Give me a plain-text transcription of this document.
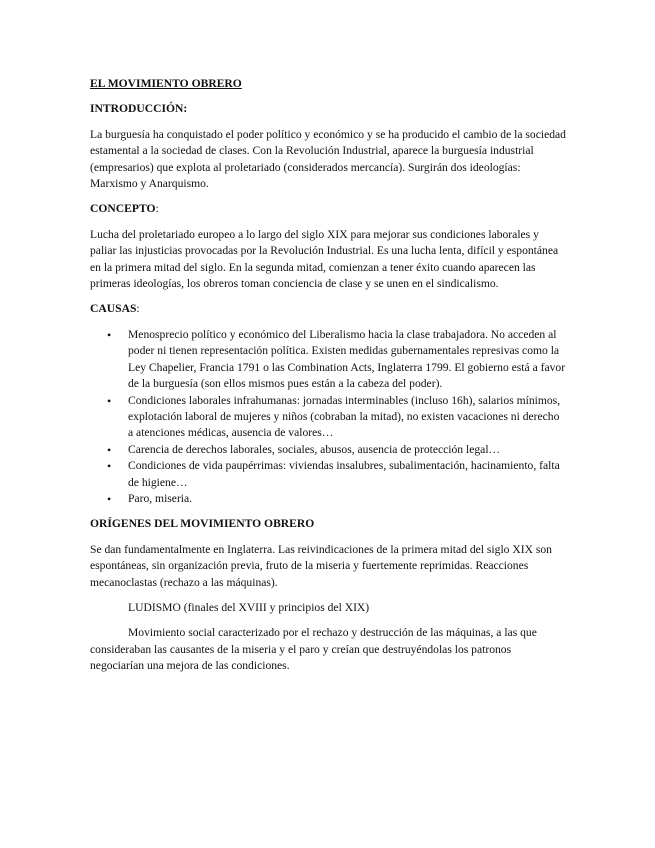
EL MOVIMIENTO OBRERO

INTRODUCCIÓN:

La burguesía ha conquistado el poder político y económico y se ha producido el cambio de la sociedad estamental a la sociedad de clases. Con la Revolución Industrial, aparece la burguesía industrial (empresarios) que explota al proletariado (considerados mercancía). Surgirán dos ideologías: Marxismo y Anarquismo.

CONCEPTO:

Lucha del proletariado europeo a lo largo del siglo XIX para mejorar sus condiciones laborales y paliar las injusticias provocadas por la Revolución Industrial. Es una lucha lenta, difícil y espontánea en la primera mitad del siglo. En la segunda mitad, comienzan a tener éxito cuando aparecen las primeras ideologías, los obreros toman conciencia de clase y se unen en el sindicalismo.

CAUSAS:

• Menosprecio político y económico del Liberalismo hacia la clase trabajadora. No acceden al poder ni tienen representación política. Existen medidas gubernamentales represivas como la Ley Chapelier, Francia 1791 o las Combination Acts, Inglaterra 1799. El gobierno está a favor de la burguesía (son ellos mismos pues están a la cabeza del poder).
• Condiciones laborales infrahumanas: jornadas interminables (incluso 16h), salarios mínimos, explotación laboral de mujeres y niños (cobraban la mitad), no existen vacaciones ni derecho a atenciones médicas, ausencia de valores…
• Carencia de derechos laborales, sociales, abusos, ausencia de protección legal…
• Condiciones de vida paupérrimas: viviendas insalubres, subalimentación, hacinamiento, falta de higiene…
• Paro, miseria.

ORÍGENES DEL MOVIMIENTO OBRERO

Se dan fundamentalmente en Inglaterra. Las reivindicaciones de la primera mitad del siglo XIX son espontáneas, sin organización previa, fruto de la miseria y fuertemente reprimidas. Reacciones mecanoclastas (rechazo a las máquinas).

LUDISMO (finales del XVIII y principios del XIX)

Movimiento social caracterizado por el rechazo y destrucción de las máquinas, a las que consideraban las causantes de la miseria y el paro y creían que destruyéndolas los patronos negociarían una mejora de las condiciones.
